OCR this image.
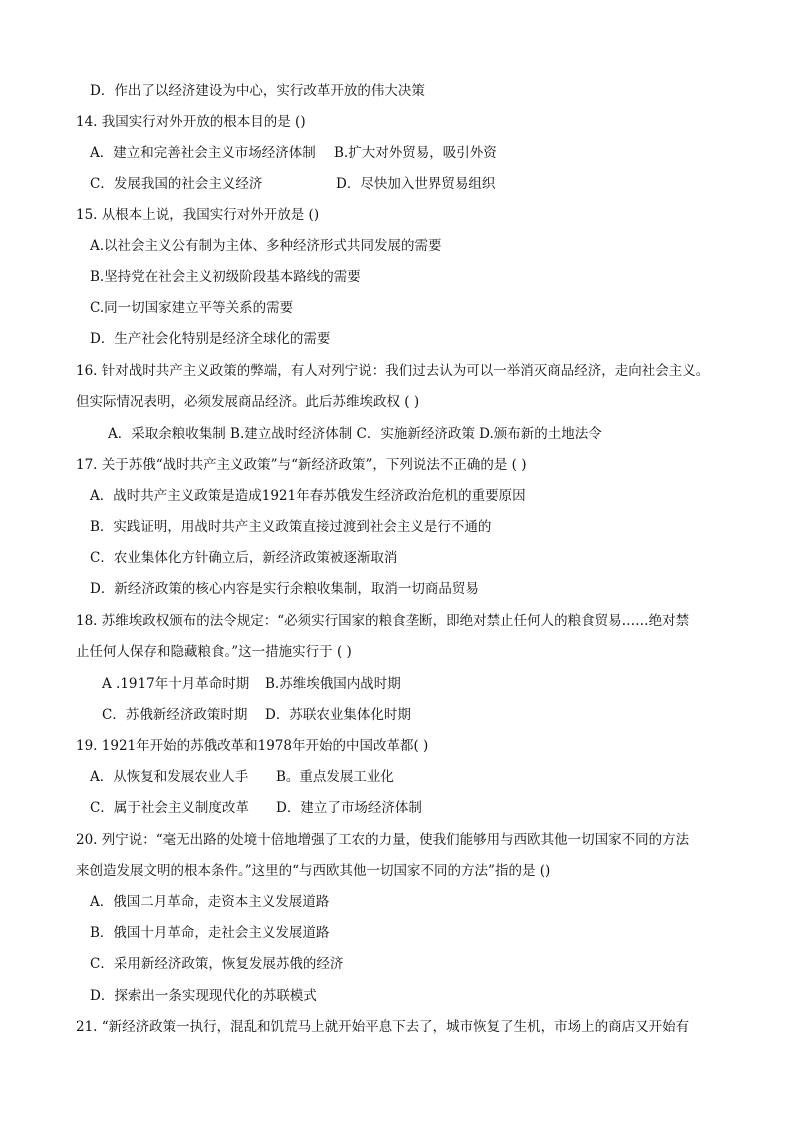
D．作出了以经济建设为中心，实行改革开放的伟大决策
14. 我国实行对外开放的根本目的是 ()
A．建立和完善社会主义市场经济体制 B.扩大对外贸易，吸引外资
C．发展我国的社会主义经济	D．尽快加入世界贸易组织
15. 从根本上说，我国实行对外开放是 ()
A.以社会主义公有制为主体、多种经济形式共同发展的需要
B.坚持党在社会主义初级阶段基本路线的需要
C.同一切国家建立平等关系的需要
D．生产社会化特别是经济全球化的需要
16. 针对战时共产主义政策的弊端，有人对列宁说：我们过去认为可以一举消灭商品经济，走向社会主义。
但实际情况表明，必须发展商品经济。此后苏维埃政权 ( )
A．采取余粮收集制 B.建立战时经济体制 C．实施新经济政策 D.颁布新的土地法令
17. 关于苏俄“战时共产主义政策”与“新经济政策”，下列说法不正确的是 ( )
A．战时共产主义政策是造成1921年春苏俄发生经济政治危机的重要原因
B．实践证明，用战时共产主义政策直接过渡到社会主义是行不通的
C．农业集体化方针确立后，新经济政策被逐渐取消
D．新经济政策的核心内容是实行余粮收集制，取消一切商品贸易
18. 苏维埃政权颁布的法令规定：“必须实行国家的粮食垄断，即绝对禁止任何人的粮食贸易……绝对禁
止任何人保存和隐藏粮食。”这一措施实行于 ( )
A .1917年十月革命时期 B.苏维埃俄国内战时期
C．苏俄新经济政策时期 D．苏联农业集体化时期
19. 1921年开始的苏俄改革和1978年开始的中国改革都( )
A．从恢复和发展农业人手 B。重点发展工业化
C．属于社会主义制度改革 D．建立了市场经济体制
20. 列宁说：“毫无出路的处境十倍地增强了工农的力量，使我们能够用与西欧其他一切国家不同的方法
来创造发展文明的根本条件。”这里的“与西欧其他一切国家不同的方法”指的是 ()
A．俄国二月革命，走资本主义发展道路
B．俄国十月革命，走社会主义发展道路
C．采用新经济政策，恢复发展苏俄的经济
D．探索出一条实现现代化的苏联模式
21. “新经济政策一执行，混乱和饥荒马上就开始平息下去了，城市恢复了生机，市场上的商店又开始有
